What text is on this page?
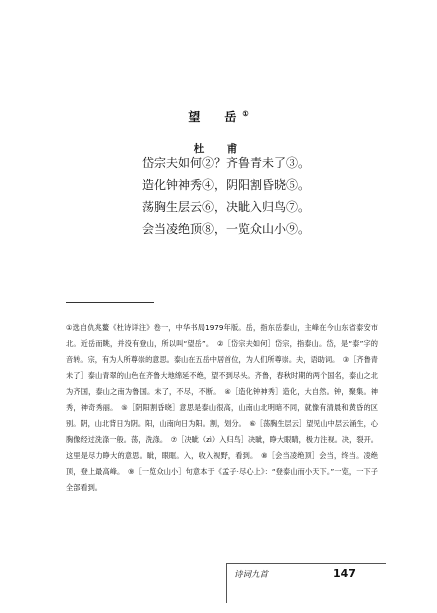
望　岳①
杜　甫
岱宗夫如何②？齐鲁青未了③。
造化钟神秀④，阴阳割昏晓⑤。
荡胸生层云⑥，决眦入归鸟⑦。
会当凌绝顶⑧，一览众山小⑨。
①选自仇兆鳌《杜诗详注》卷一，中华书局1979年版。岳，指东岳泰山，主峰在今山东省泰安市北。近岳而眺，并没有登山，所以叫“望岳”。　②［岱宗夫如何］岱宗，指泰山。岱，是“泰”字的音转。宗，有为人所尊崇的意思。泰山在五岳中居首位，为人们所尊崇。夫，语助词。　③［齐鲁青未了］泰山青翠的山色在齐鲁大地绵延不绝，望不到尽头。齐鲁，春秋时期的两个国名，泰山之北为齐国，泰山之南为鲁国。未了，不尽，不断。　④［造化钟神秀］造化，大自然。钟，聚集。神秀，神奇秀丽。　⑤［阴阳割昏晓］意思是泰山很高，山南山北明暗不同，就像有清晨和黄昏的区别。阴，山北背日为阴。阳，山南向日为阳。割，划分。　⑥［荡胸生层云］望见山中层云涌生，心胸像经过洗涤一般。荡，洗涤。　⑦［决眦（zì）入归鸟］决眦，睁大眼睛，极力注视。决，裂开。这里是尽力睁大的意思。眦，眼眶。入，收入视野，看到。　⑧［会当凌绝顶］会当，终当。凌绝顶，登上最高峰。　⑨［一览众山小］句意本于《孟子·尽心上》：“登泰山而小天下。”一览，一下子全部看到。
诗词九首	147
